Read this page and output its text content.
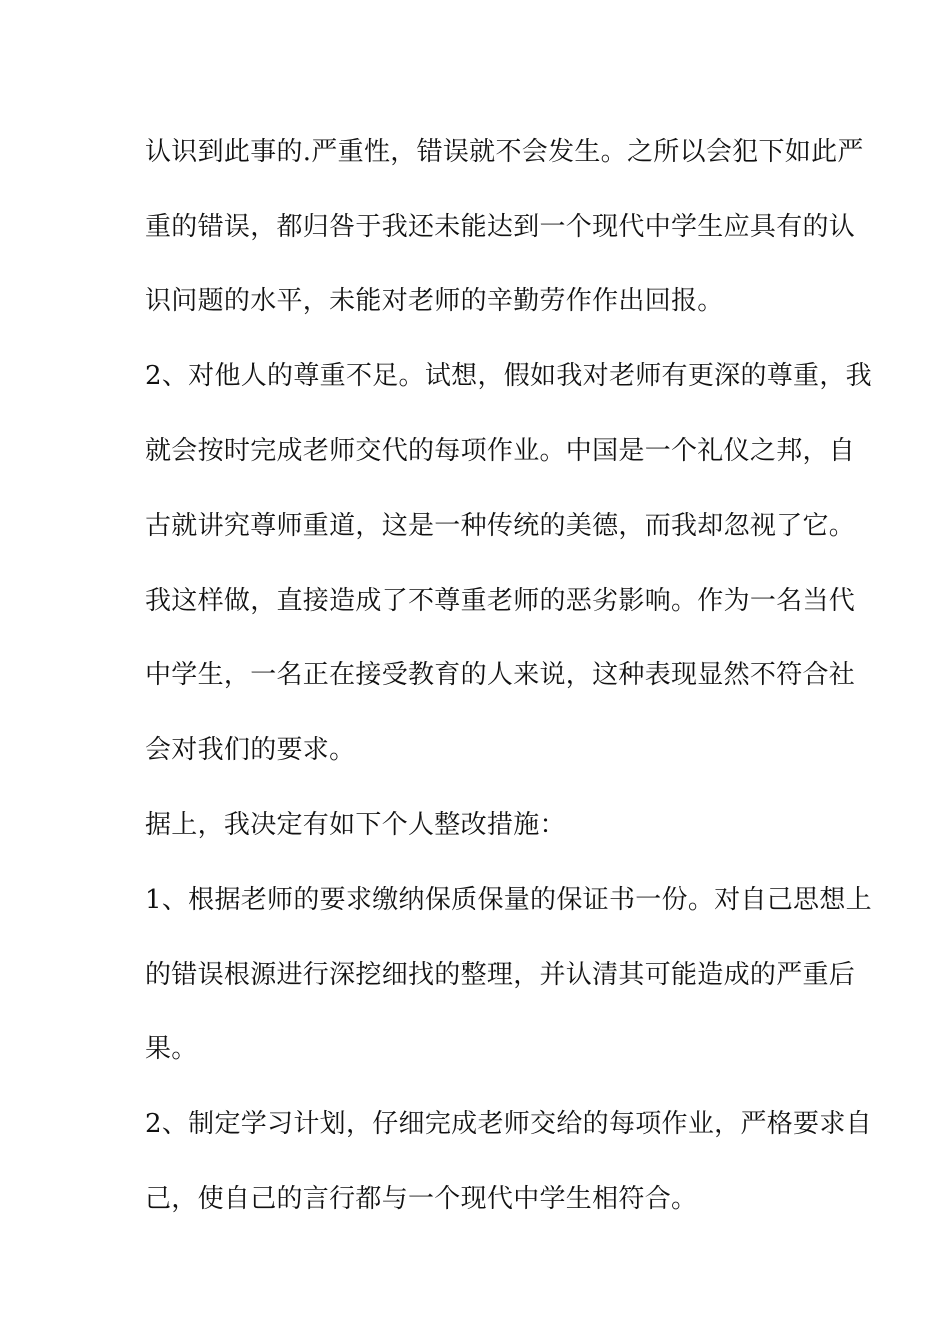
认识到此事的.严重性，错误就不会发生。之所以会犯下如此严
重的错误，都归咎于我还未能达到一个现代中学生应具有的认
识问题的水平，未能对老师的辛勤劳作作出回报。
2、对他人的尊重不足。试想，假如我对老师有更深的尊重，我
就会按时完成老师交代的每项作业。中国是一个礼仪之邦，自
古就讲究尊师重道，这是一种传统的美德，而我却忽视了它。
我这样做，直接造成了不尊重老师的恶劣影响。作为一名当代
中学生，一名正在接受教育的人来说，这种表现显然不符合社
会对我们的要求。
据上，我决定有如下个人整改措施：
1、根据老师的要求缴纳保质保量的保证书一份。对自己思想上
的错误根源进行深挖细找的整理，并认清其可能造成的严重后
果。
2、制定学习计划，仔细完成老师交给的每项作业，严格要求自
己，使自己的言行都与一个现代中学生相符合。
